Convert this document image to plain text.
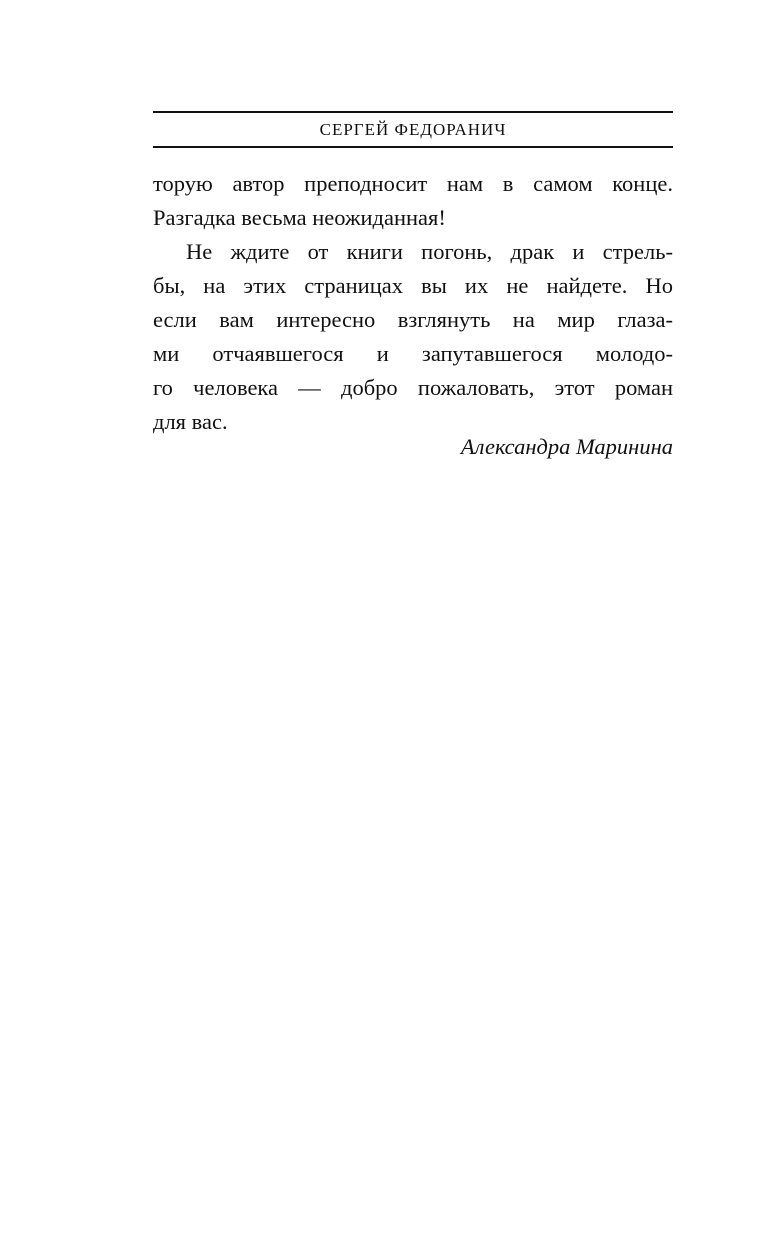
СЕРГЕЙ ФЕДОРАНИЧ
торую автор преподносит нам в самом конце.
Разгадка весьма неожиданная!
Не ждите от книги погонь, драк и стрель-
бы, на этих страницах вы их не найдете. Но
если вам интересно взглянуть на мир глаза-
ми отчаявшегося и запутавшегося молодо-
го человека — добро пожаловать, этот роман
для вас.
Александра Маринина
